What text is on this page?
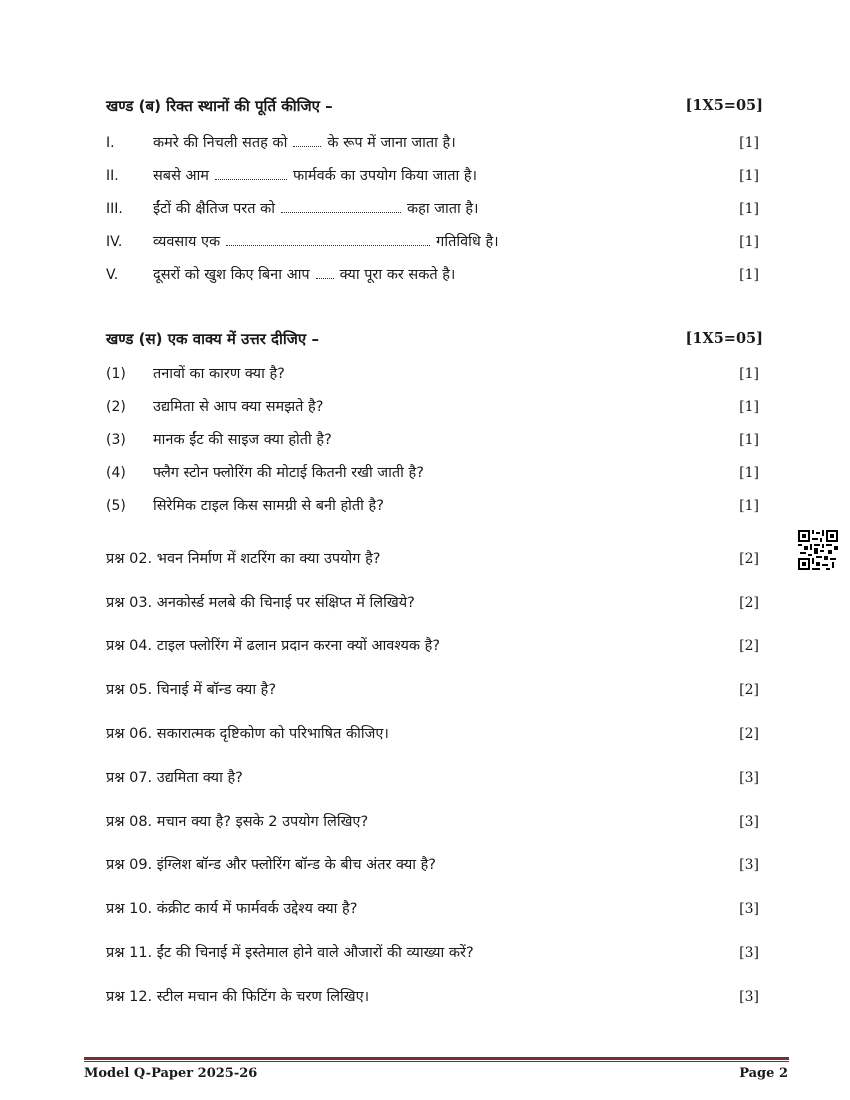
खण्ड (ब) रिक्त स्थानों की पूर्ति कीजिए –	[1X5=05]
I.	कमरे की निचली सतह को	के रूप में जाना जाता है।	[1]
II. सबसे आम	फार्मवर्क का उपयोग किया जाता है।	[1]
III. ईंटों की क्षैतिज परत को	कहा जाता है।	[1]
IV. व्यवसाय एक	गतिविधि है।	[1]
V. दूसरों को खुश किए बिना आप क्या पूरा कर सकते है।	[1]
खण्ड (स) एक वाक्य में उत्तर दीजिए –	[1X5=05]
(1) तनावों का कारण क्या है?	[1]
(2) उद्यमिता से आप क्या समझते है?	[1]
(3) मानक ईंट की साइज क्या होती है?	[1]
(4) फ्लैग स्टोन फ्लोरिंग की मोटाई कितनी रखी जाती है?	[1]
(5) सिरेमिक टाइल किस सामग्री से बनी होती है?	[1]
प्रश्न 02. भवन निर्माण में शटरिंग का क्या उपयोग है?	[2]
प्रश्न 03. अनकोर्स्ड मलबे की चिनाई पर संक्षिप्त में लिखिये?	[2]
प्रश्न 04. टाइल फ्लोरिंग में ढलान प्रदान करना क्यों आवश्यक है?	[2]
प्रश्न 05. चिनाई में बॉन्ड क्या है?	[2]
प्रश्न 06. सकारात्मक दृष्टिकोण को परिभाषित कीजिए।	[2]
प्रश्न 07. उद्यमिता क्या है?	[3]
प्रश्न 08. मचान क्या है? इसके 2 उपयोग लिखिए?	[3]
प्रश्न 09. इंग्लिश बॉन्ड और फ्लोरिंग बॉन्ड के बीच अंतर क्या है?	[3]
प्रश्न 10. कंक्रीट कार्य में फार्मवर्क उद्देश्य क्या है?	[3]
प्रश्न 11. ईंट की चिनाई में इस्तेमाल होने वाले औजारों की व्याख्या करें?	[3]
प्रश्न 12. स्टील मचान की फिटिंग के चरण लिखिए।	[3]
Model Q-Paper 2025-26	Page 2
